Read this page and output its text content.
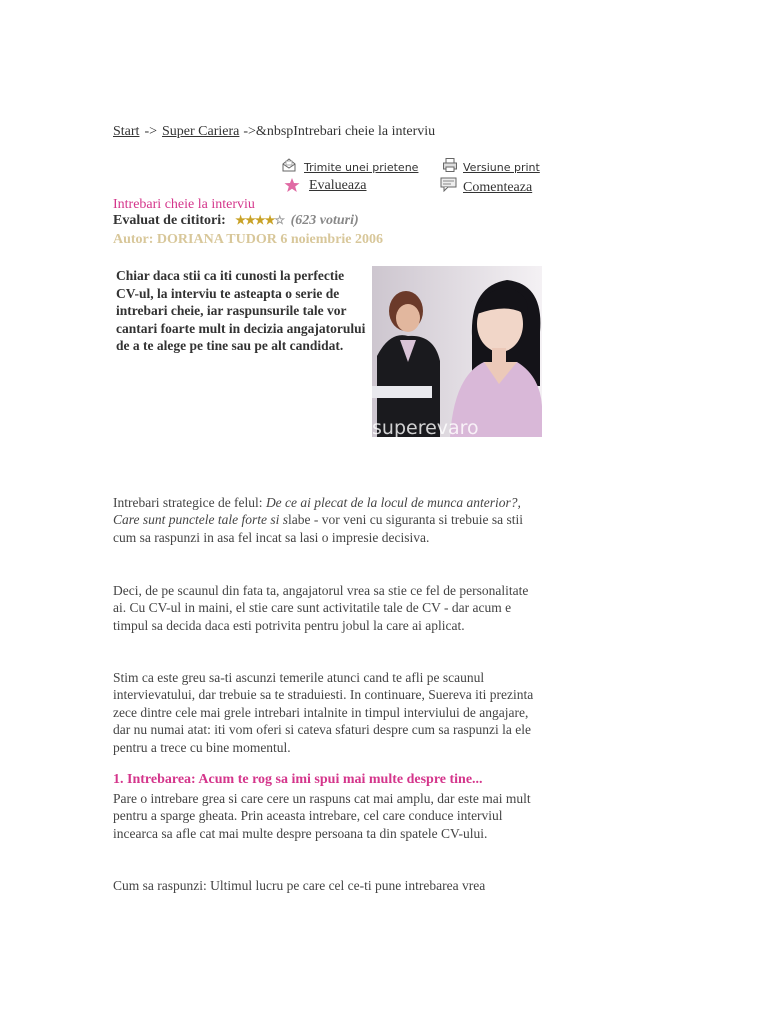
Start -> Super Cariera ->&nbspIntrebari cheie la interviu
Trimite unei prietene	Versiune print
Evalueaza	Comenteaza
Intrebari cheie la interviu
Evaluat de cititori: ★★★★☆ (623 voturi)
Autor: DORIANA TUDOR 6 noiembrie 2006
Chiar daca stii ca iti cunosti la perfectie CV-ul, la interviu te asteapta o serie de intrebari cheie, iar raspunsurile tale vor cantari foarte mult in decizia angajatorului de a te alege pe tine sau pe alt candidat.
superevaro
Intrebari strategice de felul: De ce ai plecat de la locul de munca anterior?, Care sunt punctele tale forte si slabe - vor veni cu siguranta si trebuie sa stii cum sa raspunzi in asa fel incat sa lasi o impresie decisiva.
Deci, de pe scaunul din fata ta, angajatorul vrea sa stie ce fel de personalitate ai. Cu CV-ul in maini, el stie care sunt activitatile tale de CV - dar acum e timpul sa decida daca esti potrivita pentru jobul la care ai aplicat.
Stim ca este greu sa-ti ascunzi temerile atunci cand te afli pe scaunul intervievatului, dar trebuie sa te straduiesti. In continuare, Suereva iti prezinta zece dintre cele mai grele intrebari intalnite in timpul interviului de angajare, dar nu numai atat: iti vom oferi si cateva sfaturi despre cum sa raspunzi la ele pentru a trece cu bine momentul.
1. Intrebarea: Acum te rog sa imi spui mai multe despre tine...
Pare o intrebare grea si care cere un raspuns cat mai amplu, dar este mai mult pentru a sparge gheata. Prin aceasta intrebare, cel care conduce interviul incearca sa afle cat mai multe despre persoana ta din spatele CV-ului.
Cum sa raspunzi: Ultimul lucru pe care cel ce-ti pune intrebarea vrea
